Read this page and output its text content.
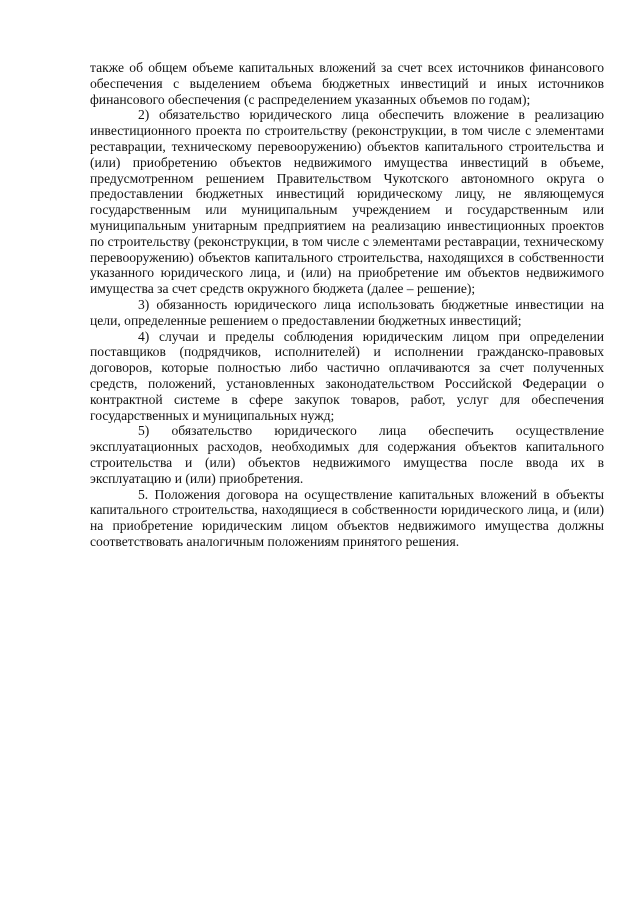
также об общем объеме капитальных вложений за счет всех источников финансового обеспечения с выделением объема бюджетных инвестиций и иных источников финансового обеспечения (с распределением указанных объемов по годам);

2) обязательство юридического лица обеспечить вложение в реализацию инвестиционного проекта по строительству (реконструкции, в том числе с элементами реставрации, техническому перевооружению) объектов капитального строительства и (или) приобретению объектов недвижимого имущества инвестиций в объеме, предусмотренном решением Правительством Чукотского автономного округа о предоставлении бюджетных инвестиций юридическому лицу, не являющемуся государственным или муниципальным учреждением и государственным или муниципальным унитарным предприятием на реализацию инвестиционных проектов по строительству (реконструкции, в том числе с элементами реставрации, техническому перевооружению) объектов капитального строительства, находящихся в собственности указанного юридического лица, и (или) на приобретение им объектов недвижимого имущества за счет средств окружного бюджета (далее – решение);

3) обязанность юридического лица использовать бюджетные инвестиции на цели, определенные решением о предоставлении бюджетных инвестиций;

4) случаи и пределы соблюдения юридическим лицом при определении поставщиков (подрядчиков, исполнителей) и исполнении гражданско-правовых договоров, которые полностью либо частично оплачиваются за счет полученных средств, положений, установленных законодательством Российской Федерации о контрактной системе в сфере закупок товаров, работ, услуг для обеспечения государственных и муниципальных нужд;

5) обязательство юридического лица обеспечить осуществление эксплуатационных расходов, необходимых для содержания объектов капитального строительства и (или) объектов недвижимого имущества после ввода их в эксплуатацию и (или) приобретения.

5. Положения договора на осуществление капитальных вложений в объекты капитального строительства, находящиеся в собственности юридического лица, и (или) на приобретение юридическим лицом объектов недвижимого имущества должны соответствовать аналогичным положениям принятого решения.
